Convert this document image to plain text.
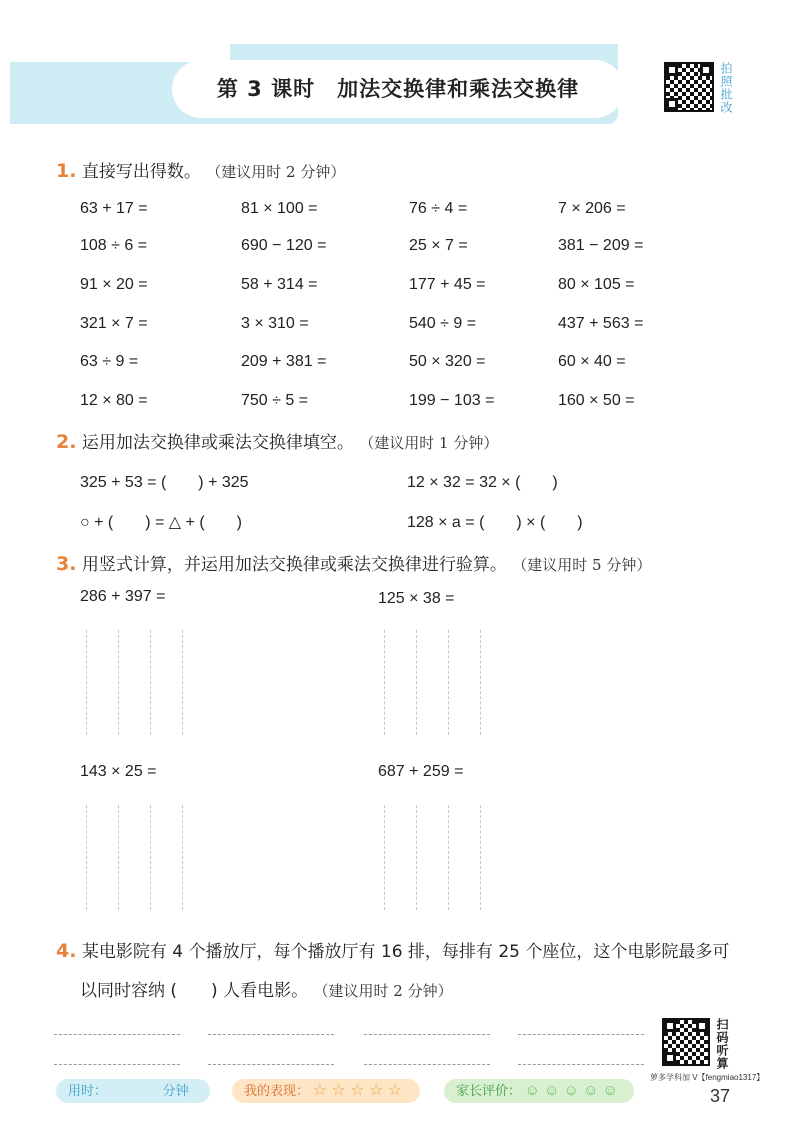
第 3 课时　加法交换律和乘法交换律	拍照批改
1. 直接写出得数。 （建议用时 2 分钟）
63 + 17 =	81 × 100 =	76 ÷ 4 =	7 × 206 =
108 ÷ 6 =	690 − 120 =	25 × 7 =	381 − 209 =
91 × 20 =	58 + 314 =	177 + 45 =	80 × 105 =
321 × 7 =	3 × 310 =	540 ÷ 9 =	437 + 563 =
63 ÷ 9 =	209 + 381 =	50 × 320 =	60 × 40 =
12 × 80 =	750 ÷ 5 =	199 − 103 =	160 × 50 =
2. 运用加法交换律或乘法交换律填空。 （建议用时 1 分钟）
325 + 53 = (　　) + 325	12 × 32 = 32 × (　　)
○ + (　　) = △ + (　　)	128 × a = (　　) × (　　)
3. 用竖式计算，并运用加法交换律或乘法交换律进行验算。 （建议用时 5 分钟）
286 + 397 =	125 × 38 =
143 × 25 =	687 + 259 =
4. 某电影院有 4 个播放厅，每个播放厅有 16 排，每排有 25 个座位，这个电影院最多可
以同时容纳 (　　) 人看电影。 （建议用时 2 分钟）
扫码听算
用时：	分钟	我的表现： ☆ ☆ ☆ ☆ ☆	家长评价： ☺ ☺ ☺ ☺ ☺
萝多学科加 V【fengmiao1317】
37
